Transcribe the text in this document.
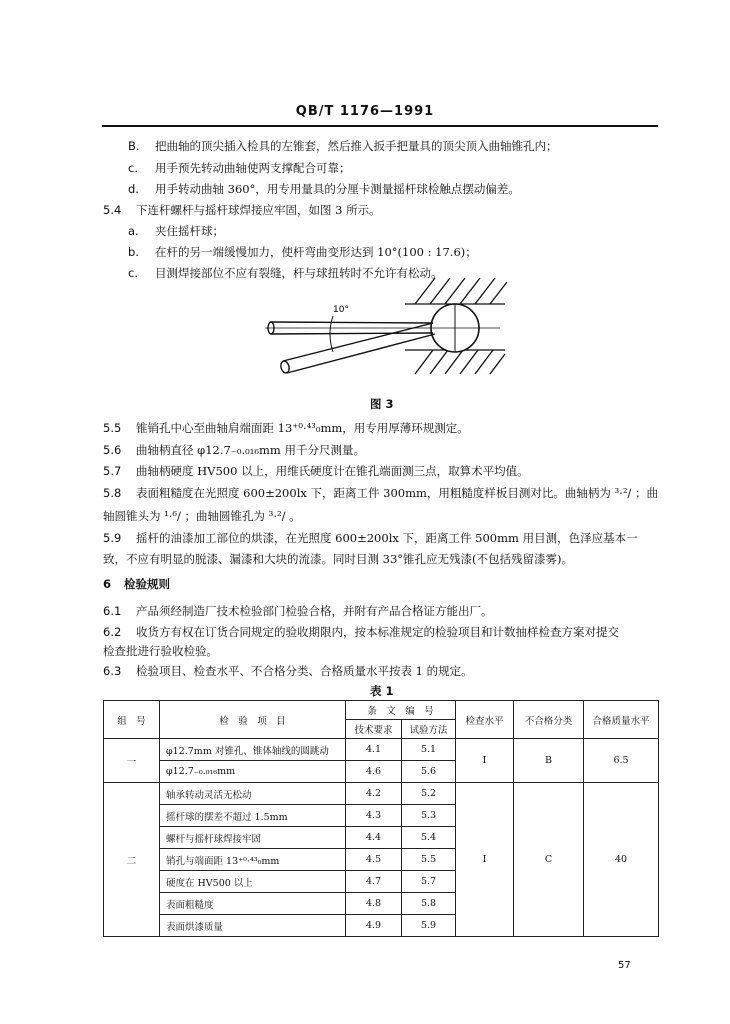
QB/T 1176—1991
B. 把曲轴的顶尖插入检具的左锥套，然后推入扳手把量具的顶尖顶入曲轴锥孔内；
c. 用手预先转动曲轴使两支撑配合可靠；
d. 用手转动曲轴 360°，用专用量具的分厘卡测量摇杆球检触点摆动偏差。
5.4 下连杆螺杆与摇杆球焊接应牢固，如图 3 所示。
a. 夹住摇杆球；
b. 在杆的另一端缓慢加力，使杆弯曲变形达到 10°(100 : 17.6)；
c. 目测焊接部位不应有裂缝，杆与球扭转时不允许有松动。
10°
图 3
5.5 锥销孔中心至曲轴肩端面距 13⁺⁰·⁴³₀mm，用专用厚薄环规测定。
5.6 曲轴柄直径 φ12.7₋₀.₀₁₆mm 用千分尺测量。
5.7 曲轴柄硬度 HV500 以上，用维氏硬度计在锥孔端面测三点，取算术平均值。
5.8 表面粗糙度在光照度 600±200lx 下，距离工件 300mm，用粗糙度样板目测对比。曲轴柄为 ³·²∕ ；曲
轴圆锥头为 ¹·⁶∕ ；曲轴圆锥孔为 ³·²∕ 。
5.9 摇杆的油漆加工部位的烘漆，在光照度 600±200lx 下，距离工件 500mm 用目测，色泽应基本一
致，不应有明显的脱漆、漏漆和大块的流漆。同时目测 33°锥孔应无残漆(不包括残留漆雾)。
6 检验规则
6.1 产品须经制造厂技术检验部门检验合格，并附有产品合格证方能出厂。
6.2 收货方有权在订货合同规定的验收期限内，按本标准规定的检验项目和计数抽样检查方案对提交
检查批进行验收检验。
6.3 检验项目、检查水平、不合格分类、合格质量水平按表 1 的规定。
表 1
组　号	检　验　项　目	条　文　编　号		检查水平	不合格分类	合格质量水平
		技术要求	试验方法			
一	φ12.7mm 对锥孔、锥体轴线的圆跳动	4.1	5.1	I	B	6.5
	φ12.7₋₀.₀₁₆mm	4.6	5.6			
二	轴承转动灵活无松动	4.2	5.2	I	C	40
	摇杆球的摆差不超过 1.5mm	4.3	5.3			
	螺杆与摇杆球焊接牢固	4.4	5.4			
	销孔与端面距 13⁺⁰·⁴³₀mm	4.5	5.5			
	硬度在 HV500 以上	4.7	5.7			
	表面粗糙度	4.8	5.8			
	表面烘漆质量	4.9	5.9			
57
